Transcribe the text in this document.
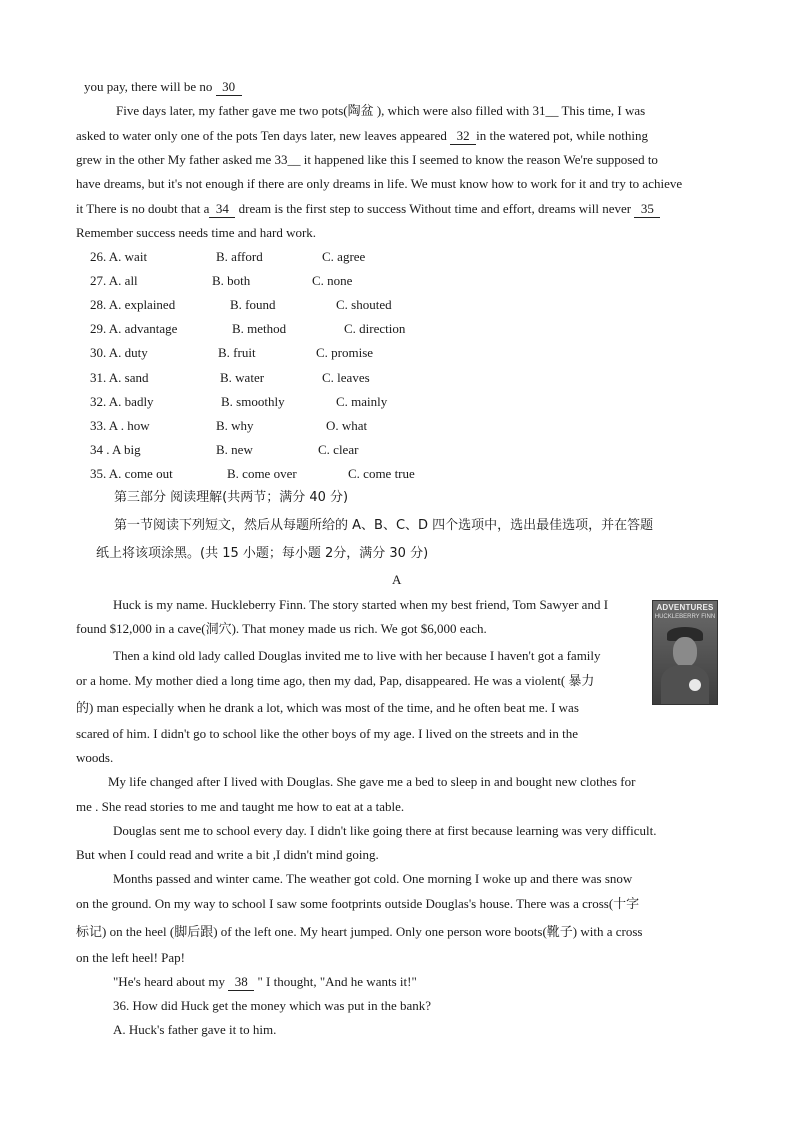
you pay, there will be no 30
Five days later, my father gave me two pots(陶盆 ), which were also filled with 31__ This time, I was
asked to water only one of the pots Ten days later, new leaves appeared 32 in the watered pot, while nothing
grew in the other My father asked me 33__ it happened like this I seemed to know the reason We're supposed to
have dreams, but it's not enough if there are only dreams in life. We must know how to work for it and try to achieve
it There is no doubt that a 34 dream is the first step to success Without time and effort, dreams will never 35
Remember success needs time and hard work.
26. A. wait	B. afford	C. agree
27. A. all	B. both	C. none
28. A. explained	B. found	C. shouted
29. A. advantage	B. method	C. direction
30. A. duty	B. fruit	C. promise
31. A. sand	B. water	C. leaves
32. A. badly	B. smoothly	C. mainly
33. A . how	B. why	O. what
34 . A big	B. new	C. clear
35. A. come out	B. come over	C. come true
第三部分 阅读理解(共两节；满分 40 分)
第一节阅读下列短文，然后从每题所给的 A、B、C、D 四个选项中，选出最佳选项，并在答题
纸上将该项涂黑。(共 15 小题；每小题 2分，满分 30 分)
A
ADVENTURES
HUCKLEBERRY FINN
Huck is my name. Huckleberry Finn. The story started when my best friend, Tom Sawyer and I
found $12,000 in a cave(洞穴). That money made us rich. We got $6,000 each.
Then a kind old lady called Douglas invited me to live with her because I haven't got a family
or a home. My mother died a long time ago, then my dad, Pap, disappeared. He was a violent( 暴力
的) man especially when he drank a lot, which was most of the time, and he often beat me. I was
scared of him. I didn't go to school like the other boys of my age. I lived on the streets and in the
woods.
My life changed after I lived with Douglas. She gave me a bed to sleep in and bought new clothes for
me . She read stories to me and taught me how to eat at a table.
Douglas sent me to school every day. I didn't like going there at first because learning was very difficult.
But when I could read and write a bit ,I didn't mind going.
Months passed and winter came. The weather got cold. One morning I woke up and there was snow
on the ground. On my way to school I saw some footprints outside Douglas's house. There was a cross(十字
标记) on the heel (脚后跟) of the left one. My heart jumped. Only one person wore boots(靴子) with a cross
on the left heel! Pap!
"He's heard about my 38 " I thought, "And he wants it!"
36. How did Huck get the money which was put in the bank?
A. Huck's father gave it to him.
